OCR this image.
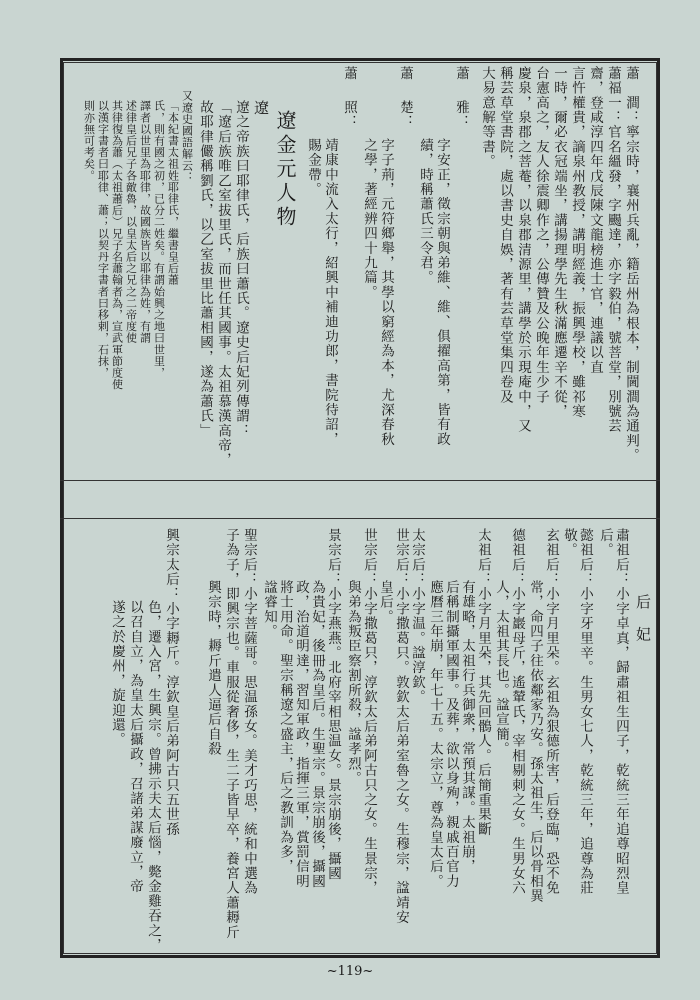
蕭　澗：寧宗時，襄州兵亂，籍岳州為根本，制閫澗為通判。
蕭福一：官名縕發，字颺達，亦字毅伯，號菩堂，別號芸
齋，登咸淳四年戊辰陳文龍榜進士官，連議以直
言忤權貴，謫泉州教授，講明經義，振興學校，雖祁寒
一時，爾必衣冠端坐，講揚理學先生秋滿應遷辛不從，
台憲高之，友人徐震卿作之，公傳贊及公晚年生少子
慶泉，泉郡之菩菴，以泉郡清源里，講學於示現庵中，又
稱芸草堂書院，處以書史自娛，著有芸草堂集四卷及
大易意解等書。
蕭
雅：
字安正，徵宗朝與弟維、維、俱擢高第，皆有政
績，時稱蕭氏三令君。
蕭
楚：
字子荊，元符鄉舉，其學以窮經為本，尤深春秋
之學，著經辨四十九篇。
蕭
照：
靖康中流入太行，紹興中補迪功郎，書院待詔，
賜金帶。
遼金元人物
遼
遼之帝族曰耶律氏，后族曰蕭氏。遼史后妃列傳謂：
「遼后族唯乙室拔里氏，而世任其國事。太祖慕漢高帝，
故耶律儼稱劉氏，以乙室拔里比蕭相國，遂為蕭氏」
又遼史國語解云：
「本紀書太祖姓耶律氏，繼書皇后蕭
氏，則有國之初，已分二姓矣。有謂始興之地曰世里，
譯者以世里為耶律，故國族皆以耶律為姓，有謂
述律皇后兄子各敵魯，以皇太后之兄之二帝度使
其律復為蕭（太祖蕭后）兄子名蕭翰者為，宣武軍節度使
以漢字書者曰耶律、蕭；以契丹字書者曰移剌，石抹，
則亦無可考矣。
后　妃
肅祖后：小字卓真，歸肅祖生四子，乾統三年追尊昭烈皇
后。
懿祖后：小字牙里辛。生男女七人，乾統三年，追尊為莊
敬。
玄祖后：小字月里朵。玄祖為狠德所害，后登臨，恐不免
常，命四子往依鄰家乃安。孫太祖生，后以骨相異
德祖后：小字巖母斤，遙輦氏，宰相剔刺之女。生男女六
人，太祖其長也。諡宣簡。
太祖后：小字月里朵，其先回鶻人。后簡重果斷
有雄略，太祖行兵御衆，常預其謀。太祖崩，
后稱制攝軍國事。及葬，欲以身殉，親戚百官力
應曆三年崩，年七十五。太宗立，尊為皇太后。
太宗后：小字温。諡淳欽。
世宗后：小字撒葛只。敦欽太后弟室魯之女。生穆宗，諡靖安
皇后。
世宗后：小字撒葛只，淳欽太后弟阿古只之女。生景宗，
與弟為叛臣察割所殺，諡孝烈。
景宗后：小字燕燕。北府宰相思温女。景宗崩後，攝國
為貴妃，後冊為皇后。生聖宗。景宗崩後，攝國
政，治道明達，習知軍政，指揮三軍，賞罰信明
將士用命。聖宗稱遼之盛主，后之教訓為多，
諡睿知。
聖宗后：小字菩薩哥。思温孫女。美才巧思，統和中選為
子為子，即興宗也。車服從奢侈，生二子皆早卒，養宮人蕭耨斤
興宗時，耨斤遣人逼后自殺
興宗太后：小字耨斤。淳欽皇后弟阿古只五世孫
色，遷入宮，生興宗。曾拂示夫太后惱，斃金雞吞之，
以召自立，為皇太后攝政，召諸弟謀廢立，帝
遂之於慶州，旋迎還。
~119~
